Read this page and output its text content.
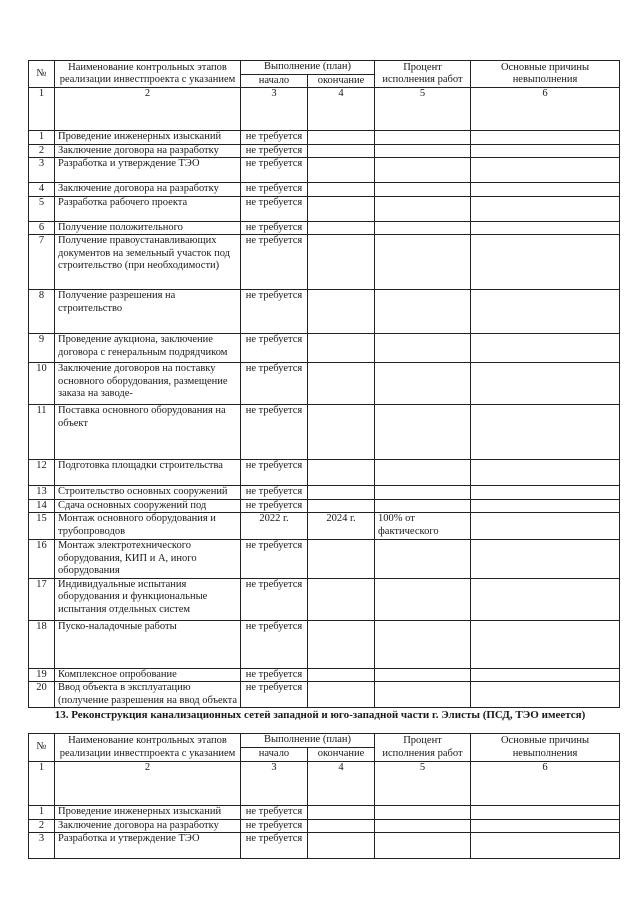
№	Наименование контрольных этапов реализации инвестпроекта с указанием	Выполнение (план)		Процент исполнения работ	Основные причины невыполнения
		начало	окончание		
1	2	3	4	5	6
1	Проведение инженерных изысканий	не требуется			
2	Заключение договора на разработку	не требуется			
3	Разработка и утверждение ТЭО	не требуется			
4	Заключение договора на разработку	не требуется			
5	Разработка рабочего проекта	не требуется			
6	Получение положительного	не требуется			
7	Получение правоустанавливающих документов на земельный участок под строительство (при необходимости)	не требуется			
8	Получение разрешения на строительство	не требуется			
9	Проведение аукциона, заключение договора с генеральным подрядчиком	не требуется			
10	Заключение договоров на поставку основного оборудования, размещение заказа на заводе-	не требуется			
11	Поставка основного оборудования на объект	не требуется			
12	Подготовка площадки строительства	не требуется			
13	Строительство основных сооружений	не требуется			
14	Сдача основных сооружений под	не требуется			
15	Монтаж основного оборудования и трубопроводов	2022 г.	2024 г.	100% от фактического	
16	Монтаж электротехнического оборудования, КИП и А, иного оборудования	не требуется			
17	Индивидуальные испытания оборудования и функциональные испытания отдельных систем	не требуется			
18	Пуско-наладочные работы	не требуется			
19	Комплексное опробование	не требуется			
20	Ввод объекта в эксплуатацию (получение разрешения на ввод объекта	не требуется			
13. Реконструкция канализационных сетей западной и юго-западной части г. Элисты (ПСД, ТЭО имеется)
№	Наименование контрольных этапов реализации инвестпроекта с указанием	Выполнение (план)		Процент исполнения работ	Основные причины невыполнения
		начало	окончание		
1	2	3	4	5	6
1	Проведение инженерных изысканий	не требуется			
2	Заключение договора на разработку	не требуется			
3	Разработка и утверждение ТЭО	не требуется			
